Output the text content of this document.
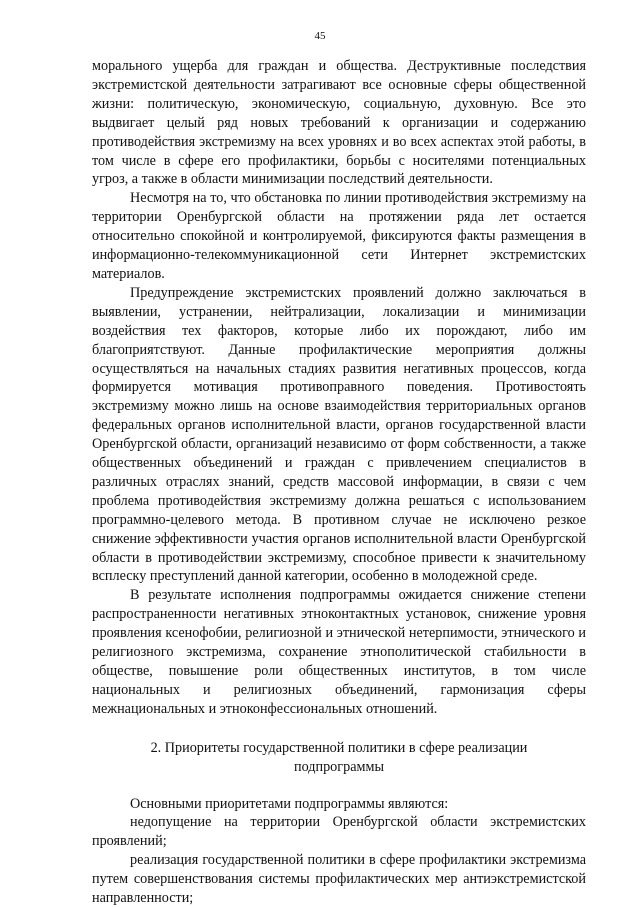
45

морального ущерба для граждан и общества. Деструктивные последствия экстремистской деятельности затрагивают все основные сферы общественной жизни: политическую, экономическую, социальную, духовную. Все это выдвигает целый ряд новых требований к организации и содержанию противодействия экстремизму на всех уровнях и во всех аспектах этой работы, в том числе в сфере его профилактики, борьбы с носителями потенциальных угроз, а также в области минимизации последствий деятельности.

Несмотря на то, что обстановка по линии противодействия экстремизму на территории Оренбургской области на протяжении ряда лет остается относительно спокойной и контролируемой, фиксируются факты размещения в информационно-телекоммуникационной сети Интернет экстремистских материалов.

Предупреждение экстремистских проявлений должно заключаться в выявлении, устранении, нейтрализации, локализации и минимизации воздействия тех факторов, которые либо их порождают, либо им благоприятствуют. Данные профилактические мероприятия должны осуществляться на начальных стадиях развития негативных процессов, когда формируется мотивация противоправного поведения. Противостоять экстремизму можно лишь на основе взаимодействия территориальных органов федеральных органов исполнительной власти, органов государственной власти Оренбургской области, организаций независимо от форм собственности, а также общественных объединений и граждан с привлечением специалистов в различных отраслях знаний, средств массовой информации, в связи с чем проблема противодействия экстремизму должна решаться с использованием программно-целевого метода. В противном случае не исключено резкое снижение эффективности участия органов исполнительной власти Оренбургской области в противодействии экстремизму, способное привести к значительному всплеску преступлений данной категории, особенно в молодежной среде.

В результате исполнения подпрограммы ожидается снижение степени распространенности негативных этноконтактных установок, снижение уровня проявления ксенофобии, религиозной и этнической нетерпимости, этнического и религиозного экстремизма, сохранение этнополитической стабильности в обществе, повышение роли общественных институтов, в том числе национальных и религиозных объединений, гармонизация сферы межнациональных и этноконфессиональных отношений.

2. Приоритеты государственной политики в сфере реализации
подпрограммы

Основными приоритетами подпрограммы являются:

недопущение на территории Оренбургской области экстремистских проявлений;

реализация государственной политики в сфере профилактики экстремизма путем совершенствования системы профилактических мер антиэкстремистской направленности;
